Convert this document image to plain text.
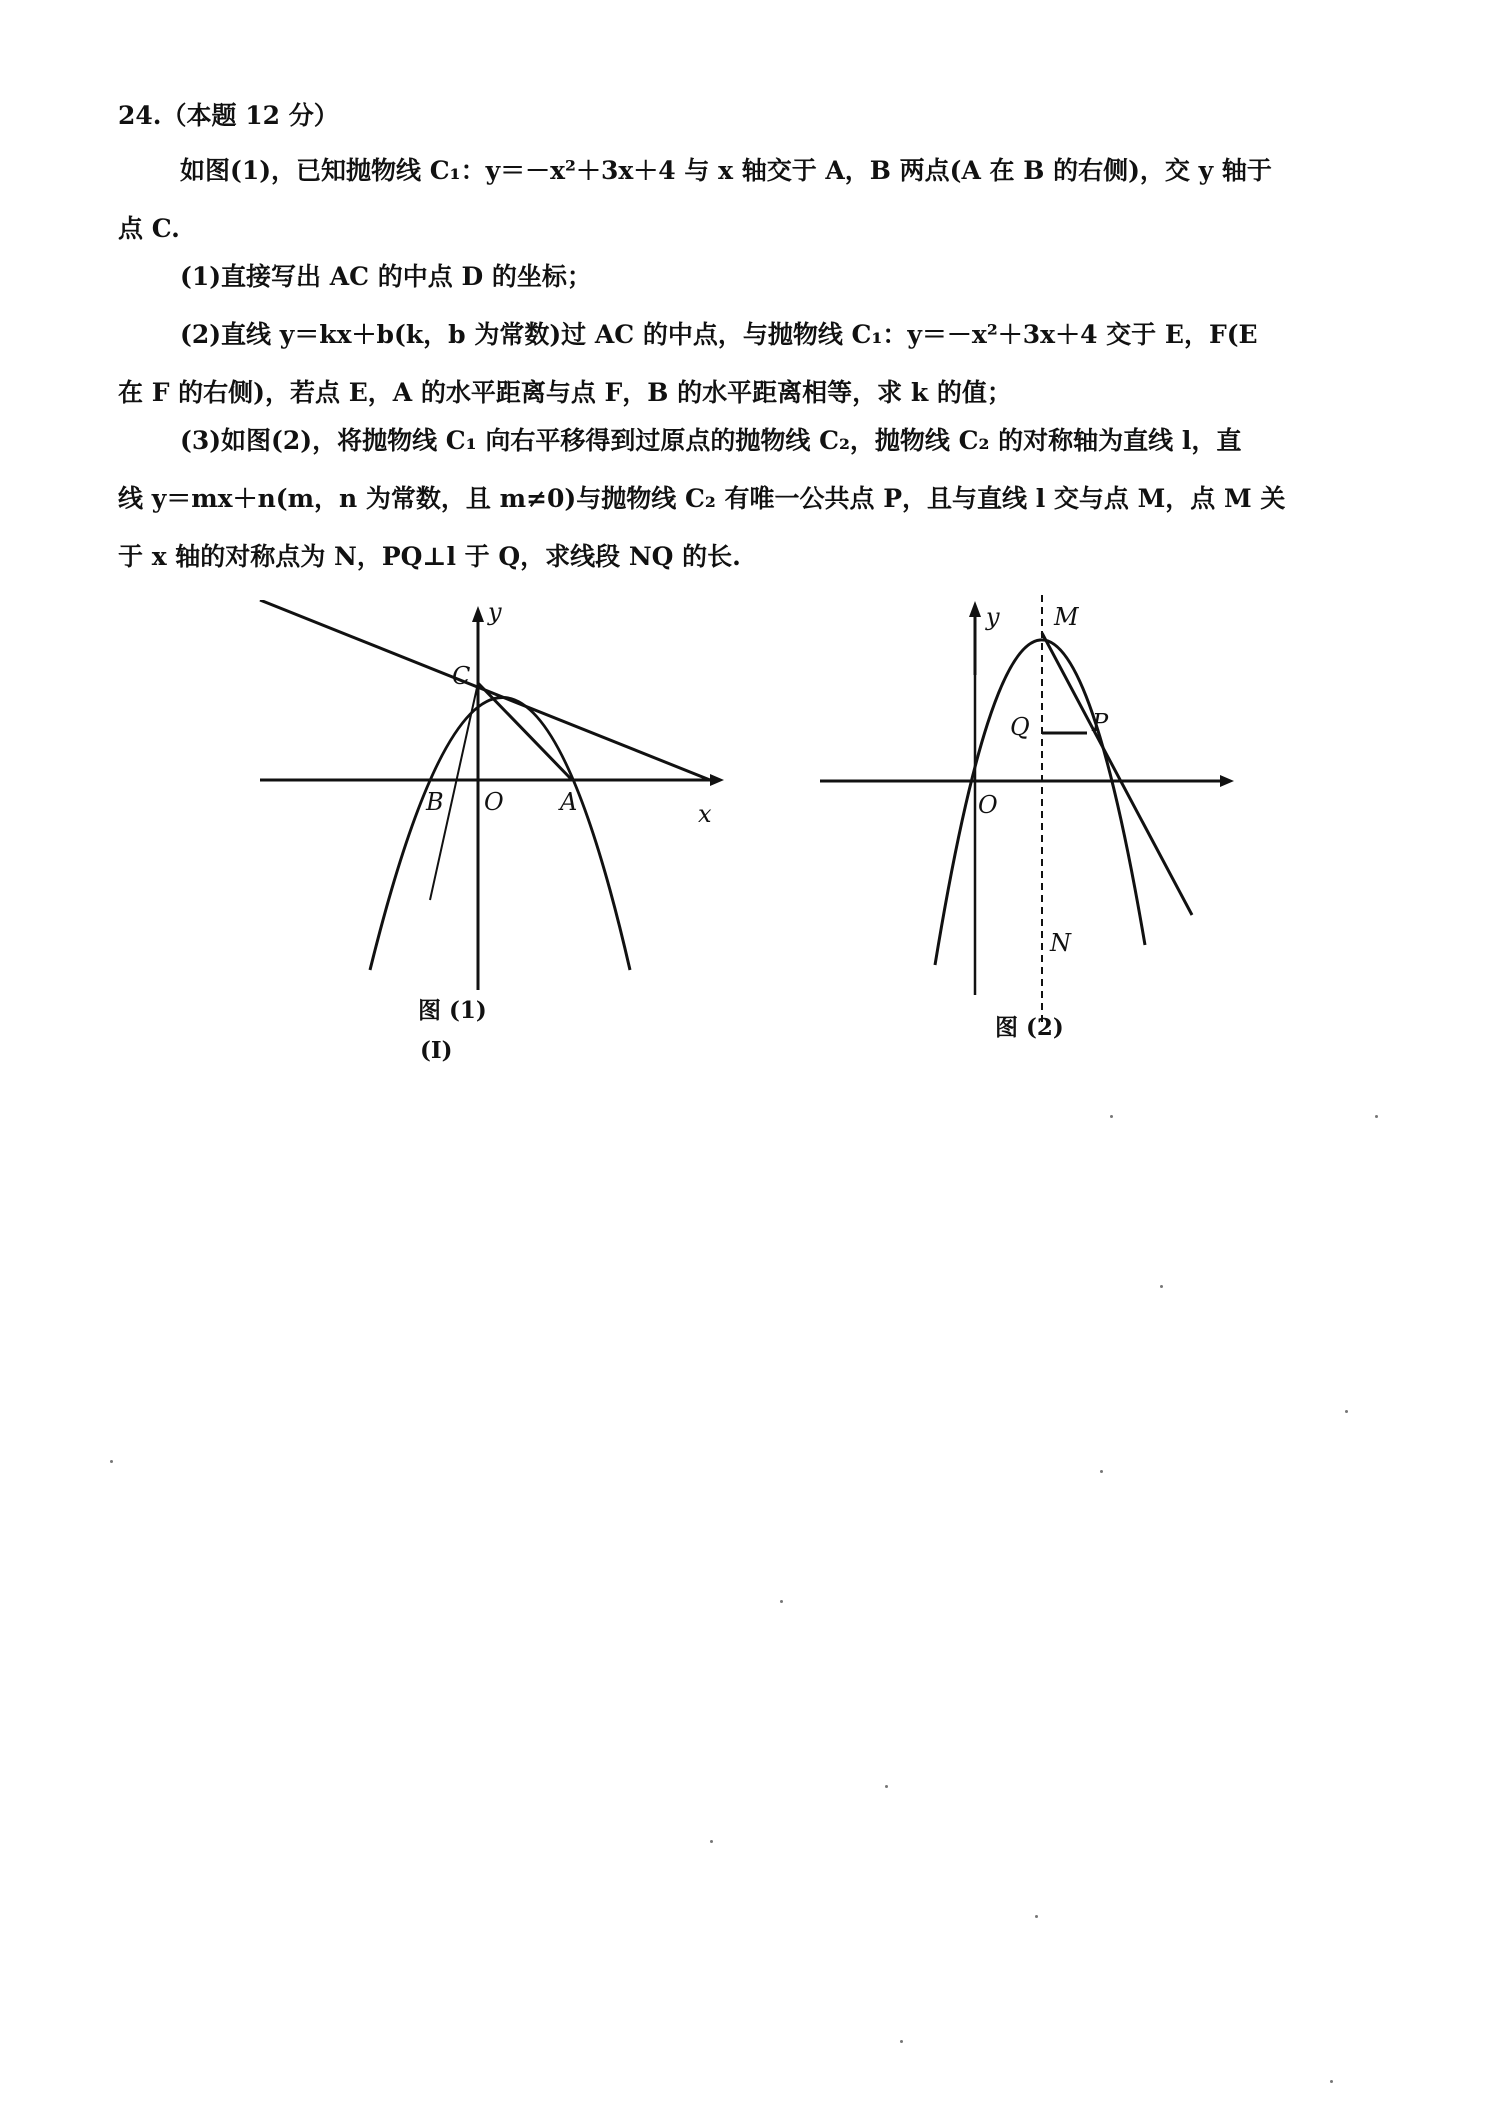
24.（本题 12 分）
如图(1)，已知抛物线 C₁：y＝－x²＋3x＋4 与 x 轴交于 A，B 两点(A 在 B 的右侧)，交 y 轴于
点 C.
(1)直接写出 AC 的中点 D 的坐标；
(2)直线 y＝kx＋b(k，b 为常数)过 AC 的中点，与抛物线 C₁：y＝－x²＋3x＋4 交于 E，F(E
在 F 的右侧)，若点 E，A 的水平距离与点 F，B 的水平距离相等，求 k 的值；
(3)如图(2)，将抛物线 C₁ 向右平移得到过原点的抛物线 C₂，抛物线 C₂ 的对称轴为直线 l，直
线 y＝mx＋n(m，n 为常数，且 m≠0)与抛物线 C₂ 有唯一公共点 P，且与直线 l 交与点 M，点 M 关
于 x 轴的对称点为 N，PQ⊥l 于 Q，求线段 NQ 的长.
y
C
B O A	x
图 (1)
(Ⅰ)
y M
Q	P
O
N
图 (2)
